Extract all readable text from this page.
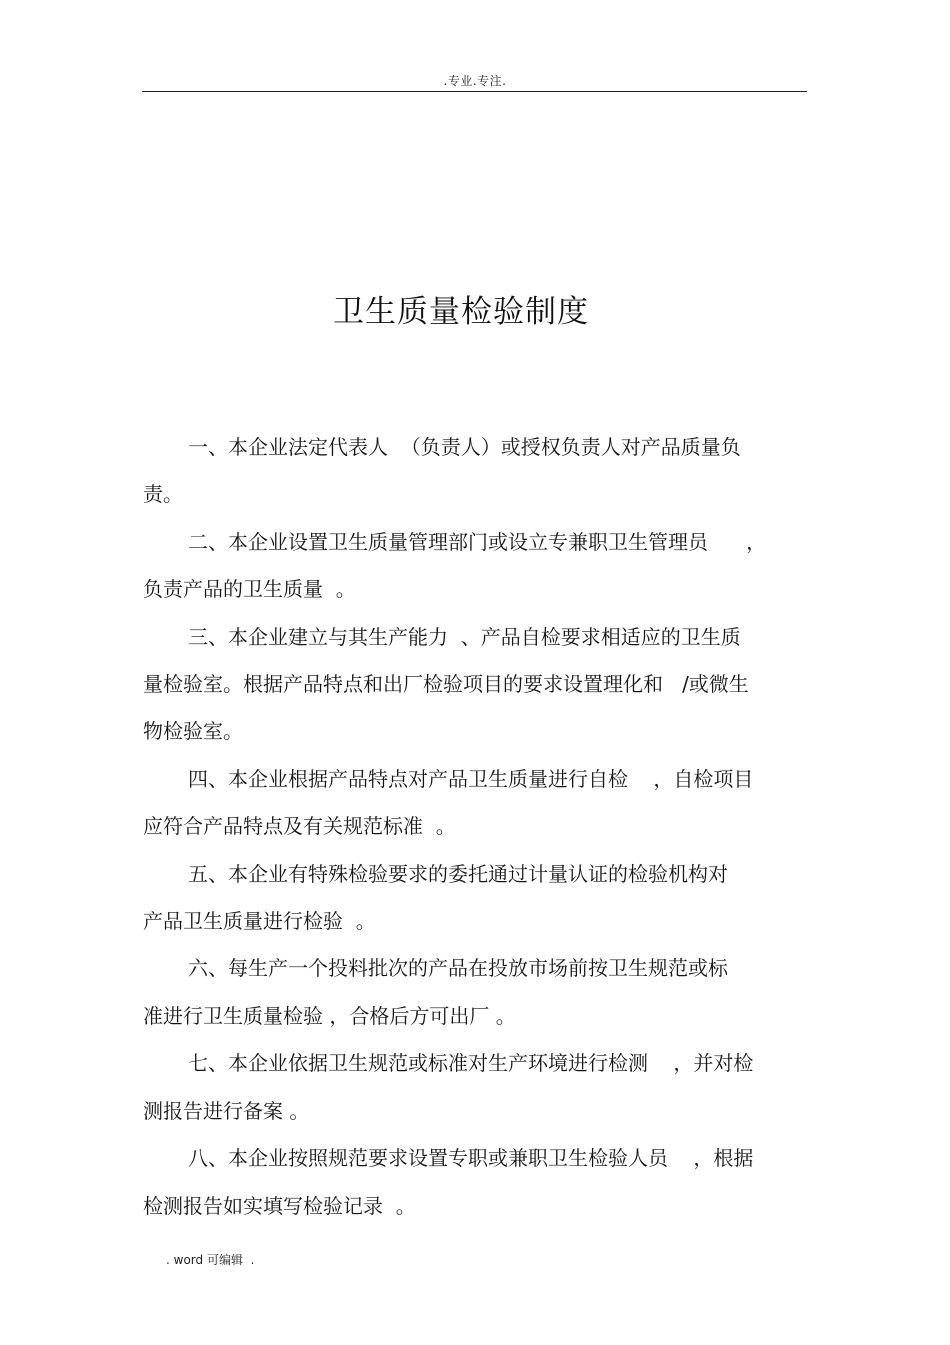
.专业.专注.
卫生质量检验制度
一、本企业法定代表人  （负责人）或授权负责人对产品质量负
责。
二、本企业设置卫生质量管理部门或设立专兼职卫生管理员      ，
负责产品的卫生质量  。
三、本企业建立与其生产能力  、产品自检要求相适应的卫生质
量检验室。根据产品特点和出厂检验项目的要求设置理化和   /或微生
物检验室。
四、本企业根据产品特点对产品卫生质量进行自检    ，自检项目
应符合产品特点及有关规范标准  。
五、本企业有特殊检验要求的委托通过计量认证的检验机构对
产品卫生质量进行检验  。
六、每生产一个投料批次的产品在投放市场前按卫生规范或标
准进行卫生质量检验 ，合格后方可出厂 。
七、本企业依据卫生规范或标准对生产环境进行检测    ，并对检
测报告进行备案 。
八、本企业按照规范要求设置专职或兼职卫生检验人员    ，根据
检测报告如实填写检验记录  。
. word 可编辑  .
